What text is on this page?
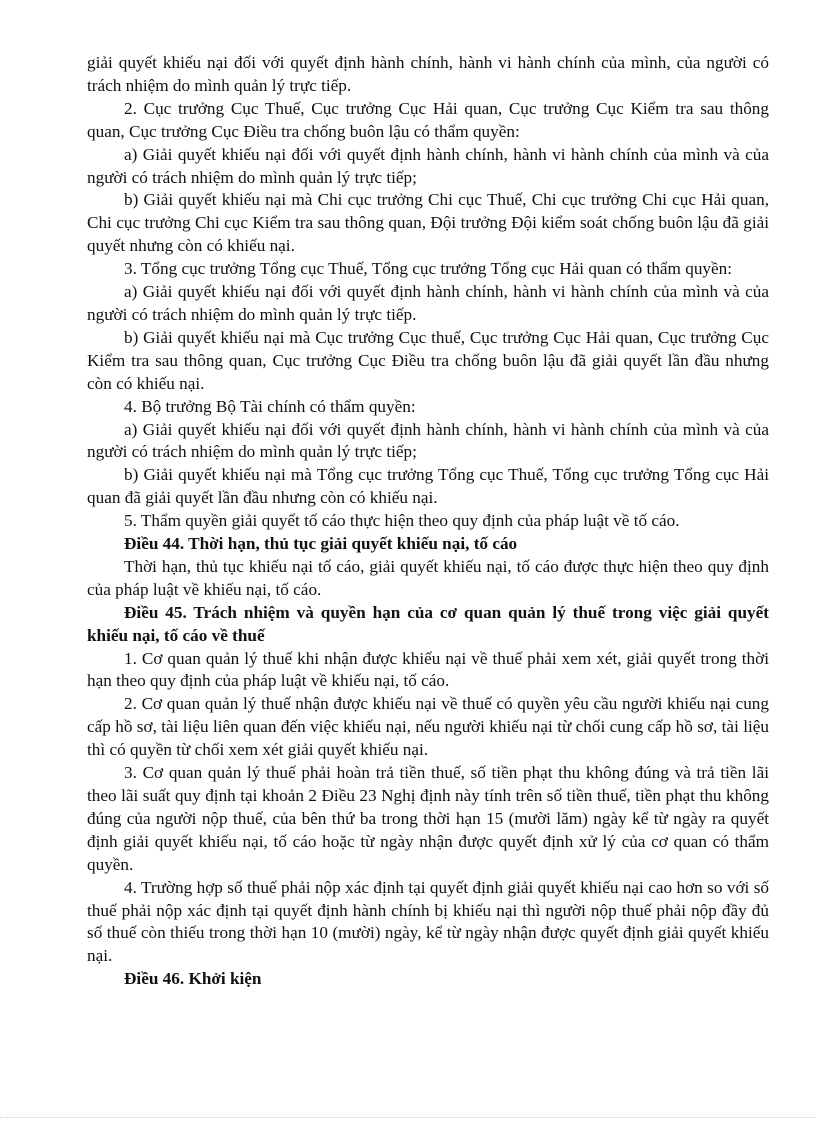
giải quyết khiếu nại đối với quyết định hành chính, hành vi hành chính của mình, của người có trách nhiệm do mình quản lý trực tiếp.

2. Cục trưởng Cục Thuế, Cục trưởng Cục Hải quan, Cục trưởng Cục Kiểm tra sau thông quan, Cục trưởng Cục Điều tra chống buôn lậu có thẩm quyền:

a) Giải quyết khiếu nại đối với quyết định hành chính, hành vi hành chính của mình và của người có trách nhiệm do mình quản lý trực tiếp;

b) Giải quyết khiếu nại mà Chi cục trưởng Chi cục Thuế, Chi cục trưởng Chi cục Hải quan, Chi cục trưởng Chi cục Kiểm tra sau thông quan, Đội trưởng Đội kiểm soát chống buôn lậu đã giải quyết nhưng còn có khiếu nại.

3. Tổng cục trưởng Tổng cục Thuế, Tổng cục trưởng Tổng cục Hải quan có thẩm quyền:

a) Giải quyết khiếu nại đối với quyết định hành chính, hành vi hành chính của mình và của người có trách nhiệm do mình quản lý trực tiếp.

b) Giải quyết khiếu nại mà Cục trưởng Cục thuế, Cục trưởng Cục Hải quan, Cục trưởng Cục Kiểm tra sau thông quan, Cục trưởng Cục Điều tra chống buôn lậu đã giải quyết lần đầu nhưng còn có khiếu nại.

4. Bộ trưởng Bộ Tài chính có thẩm quyền:

a) Giải quyết khiếu nại đối với quyết định hành chính, hành vi hành chính của mình và của người có trách nhiệm do mình quản lý trực tiếp;

b) Giải quyết khiếu nại mà Tổng cục trưởng Tổng cục Thuế, Tổng cục trưởng Tổng cục Hải quan đã giải quyết lần đầu nhưng còn có khiếu nại.

5. Thẩm quyền giải quyết tố cáo thực hiện theo quy định của pháp luật về tố cáo.

Điều 44. Thời hạn, thủ tục giải quyết khiếu nại, tố cáo

Thời hạn, thủ tục khiếu nại tố cáo, giải quyết khiếu nại, tố cáo được thực hiện theo quy định của pháp luật về khiếu nại, tố cáo.

Điều 45. Trách nhiệm và quyền hạn của cơ quan quản lý thuế trong việc giải quyết khiếu nại, tố cáo về thuế

1. Cơ quan quản lý thuế khi nhận được khiếu nại về thuế phải xem xét, giải quyết trong thời hạn theo quy định của pháp luật về khiếu nại, tố cáo.

2. Cơ quan quản lý thuế nhận được khiếu nại về thuế có quyền yêu cầu người khiếu nại cung cấp hồ sơ, tài liệu liên quan đến việc khiếu nại, nếu người khiếu nại từ chối cung cấp hồ sơ, tài liệu thì có quyền từ chối xem xét giải quyết khiếu nại.

3. Cơ quan quản lý thuế phải hoàn trả tiền thuế, số tiền phạt thu không đúng và trả tiền lãi theo lãi suất quy định tại khoản 2 Điều 23 Nghị định này tính trên số tiền thuế, tiền phạt thu không đúng của người nộp thuế, của bên thứ ba trong thời hạn 15 (mười lăm) ngày kể từ ngày ra quyết định giải quyết khiếu nại, tố cáo hoặc từ ngày nhận được quyết định xử lý của cơ quan có thẩm quyền.

4. Trường hợp số thuế phải nộp xác định tại quyết định giải quyết khiếu nại cao hơn so với số thuế phải nộp xác định tại quyết định hành chính bị khiếu nại thì người nộp thuế phải nộp đầy đủ số thuế còn thiếu trong thời hạn 10 (mười) ngày, kể từ ngày nhận được quyết định giải quyết khiếu nại.

Điều 46. Khởi kiện
